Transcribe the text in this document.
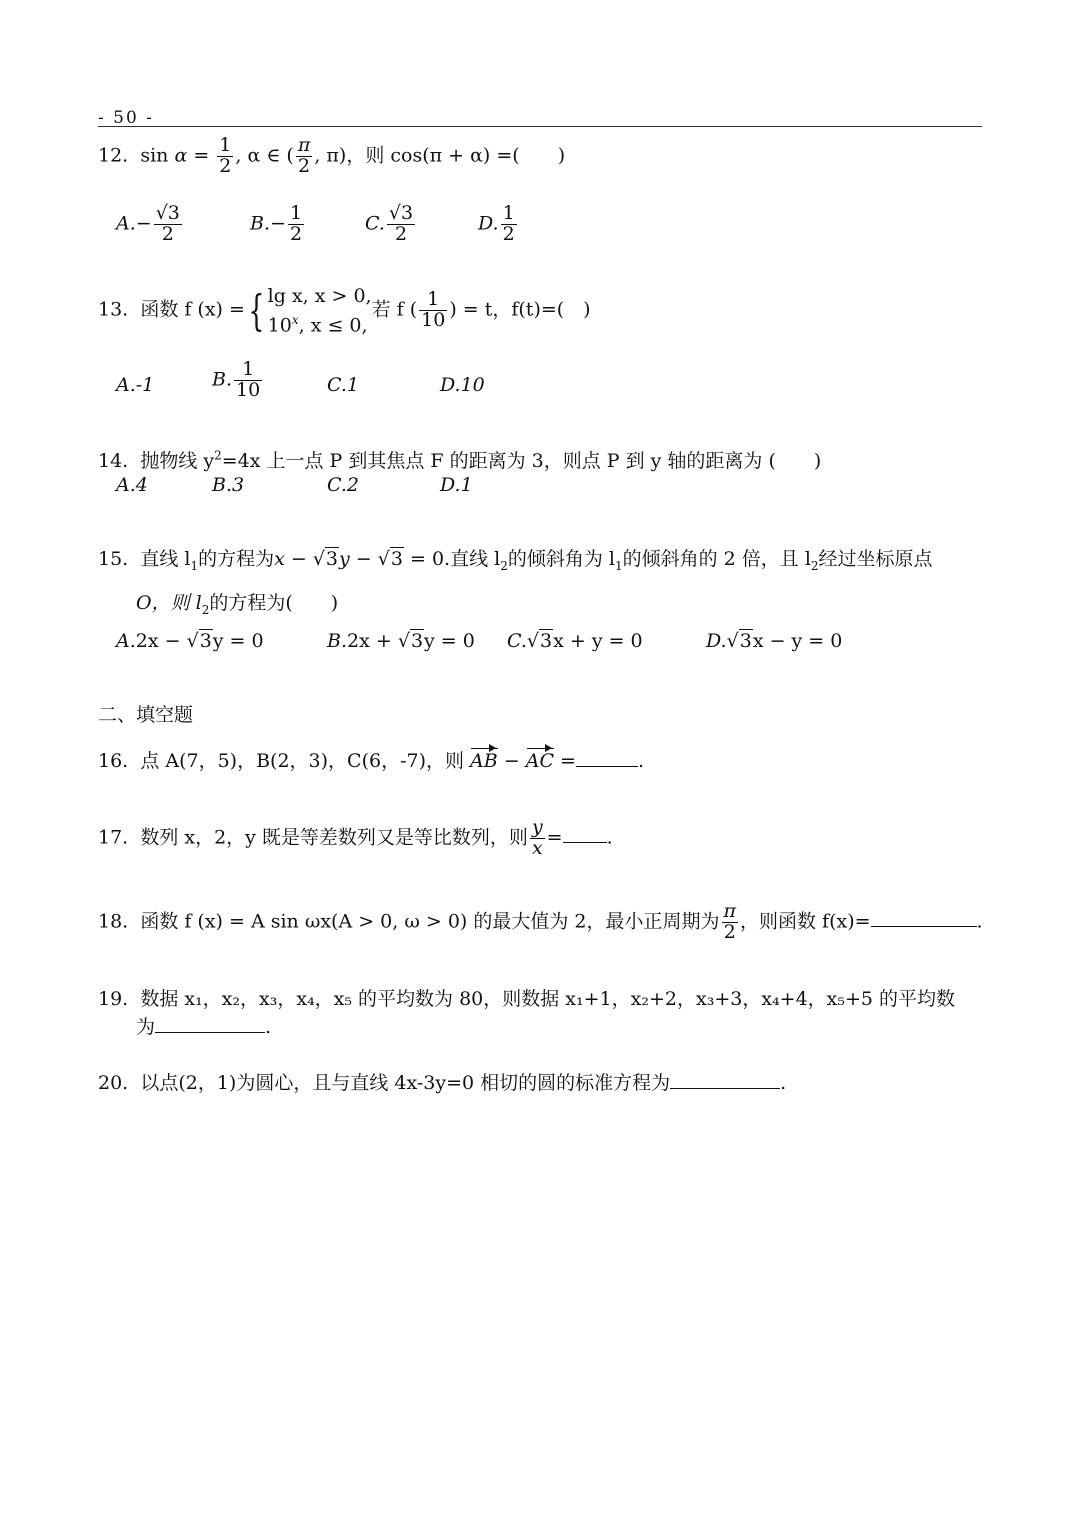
- 50 -
12. $\sin \alpha = \frac{1}{2}$ , α ∈ ( $\frac{\pi}{2}$ , π)，则 cos(π + α) =(　　)
$A.- \frac{√3}{2}$	$B.- \frac{1}{2}$	C. $\frac{√3}{2}$	D. $\frac{1}{2}$
13. 函数 f (x) ={ lg x, x > 0,
10$^x$, x ≤ 0,
若 f ( $\frac{1}{10}$ ) = t，f(t)=(　)
A.-1	B. $\frac{1}{10}$	C.1	D.10
14. 抛物线 $y^2=4x$ 上一点 P 到其焦点 F 的距离为 3，则点 P 到 y 轴的距离为 (　　)
A.4	B.3	C.2	D.1
15. 直线 $l_1$的方程为x − √3y − √3 = 0.直线 $l_2$的倾斜角为 $l_1$的倾斜角的 2 倍，且 $l_2$经过坐标原点
O，则 $l_2$的方程为(　　)
A.2x − √3y = 0	B.2x + √3y = 0 C.√3x + y = 0	D.√3x − y = 0
二、填空题
16. 点 A(7，5)，B(2，3)，C(6，-7)，则 AB − AC =	.
17. 数列 x，2，y 既是等差数列又是等比数列，则 $\frac{y}{x}$ = .
18. 函数 f (x) = A sin ωx(A > 0, ω > 0) 的最大值为 2，最小正周期为 $\frac{\pi}{2}$ ，则函数 f(x)=	.
19. 数据 x₁，x₂，x₃，x₄，x₅ 的平均数为 80，则数据 x₁+1，x₂+2，x₃+3，x₄+4，x₅+5 的平均数
为	.
20. 以点(2，1)为圆心，且与直线 4x-3y=0 相切的圆的标准方程为	.
